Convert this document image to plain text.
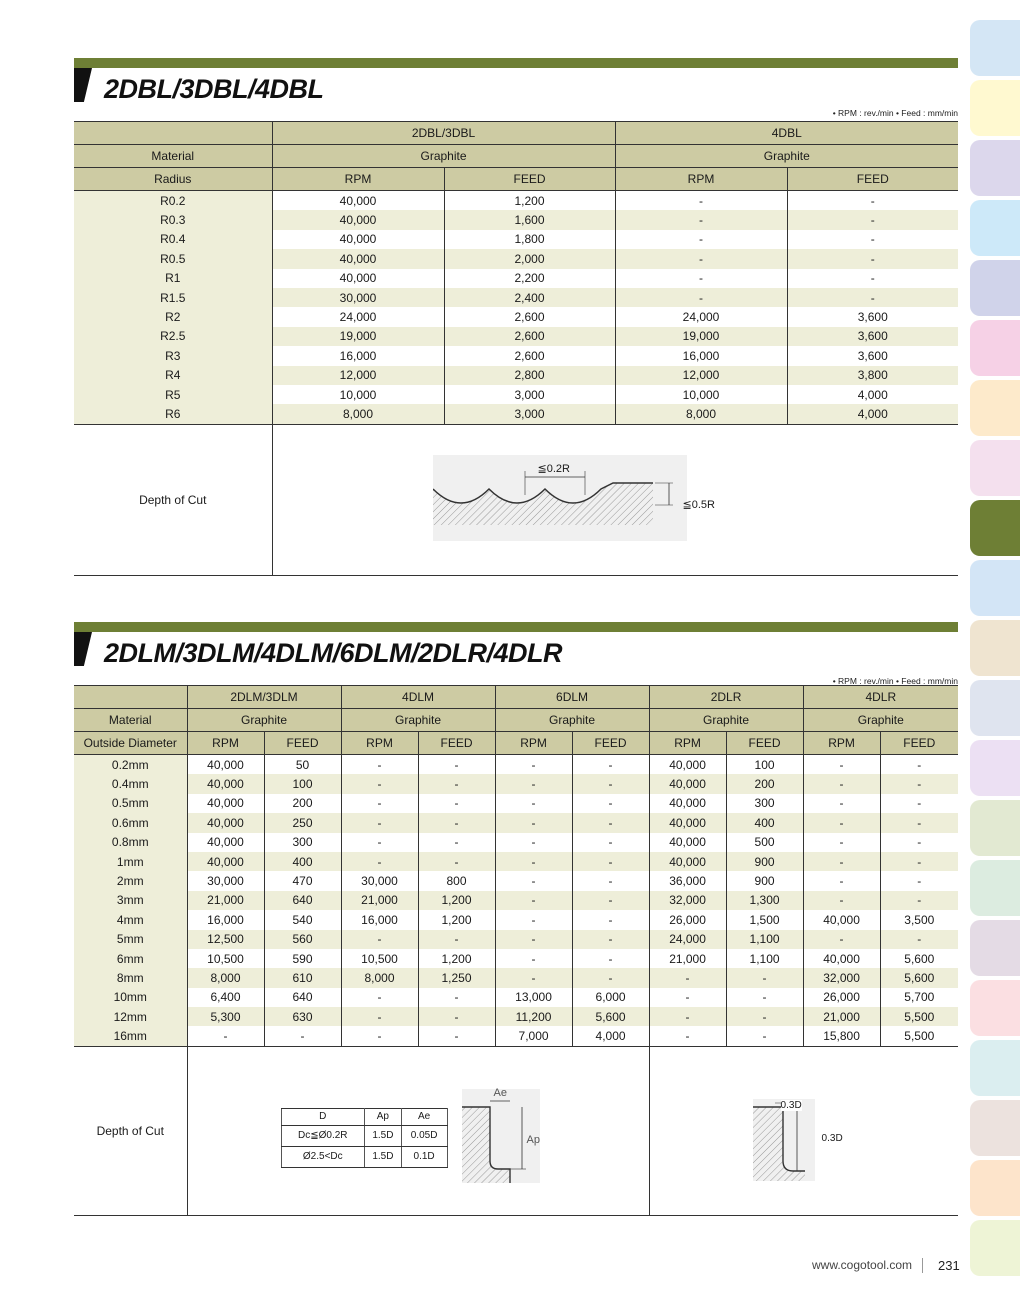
2DBL/3DBL/4DBL
• RPM : rev./min • Feed : mm/min
	2DBL/3DBL		4DBL	
Material	Graphite		Graphite	
Radius	RPM	FEED	RPM	FEED
R0.2	40,000	1,200	-	-
R0.3	40,000	1,600	-	-
R0.4	40,000	1,800	-	-
R0.5	40,000	2,000	-	-
R1	40,000	2,200	-	-
R1.5	30,000	2,400	-	-
R2	24,000	2,600	24,000	3,600
R2.5	19,000	2,600	19,000	3,600
R3	16,000	2,600	16,000	3,600
R4	12,000	2,800	12,000	3,800
R5	10,000	3,000	10,000	4,000
R6	8,000	3,000	8,000	4,000
Depth of Cut	≦0.2R
≦0.5R			
2DLM/3DLM/4DLM/6DLM/2DLR/4DLR
• RPM : rev./min • Feed : mm/min
	2DLM/3DLM	4DLM	6DLM	2DLR	4DLR
Material	Graphite	Graphite	Graphite	Graphite	Graphite
Outside Diameter	RPM	FEED	RPM	FEED	RPM	FEED	RPM	FEED	RPM	FEED
0.2mm	40,000	50	-	-	-	-	40,000	100	-	-
0.4mm	40,000	100	-	-	-	-	40,000	200	-	-
0.5mm	40,000	200	-	-	-	-	40,000	300	-	-
0.6mm	40,000	250	-	-	-	-	40,000	400	-	-
0.8mm	40,000	300	-	-	-	-	40,000	500	-	-
1mm	40,000	400	-	-	-	-	40,000	900	-	-
2mm	30,000	470	30,000	800	-	-	36,000	900	-	-
3mm	21,000	640	21,000	1,200	-	-	32,000	1,300	-	-
4mm	16,000	540	16,000	1,200	-	-	26,000	1,500	40,000	3,500
5mm	12,500	560	-	-	-	-	24,000	1,100	-	-
6mm	10,500	590	10,500	1,200	-	-	21,000	1,100	40,000	5,600
8mm	8,000	610	8,000	1,250	-	-	-	-	32,000	5,600
10mm	6,400	640	-	-	13,000	6,000	-	-	26,000	5,700
12mm	5,300	630	-	-	11,200	5,600	-	-	21,000	5,500
16mm	-	-	-	-	7,000	4,000	-	-	15,800	5,500
Depth of Cut	
D	Ap	Ae
Dc≦Ø0.2R	1.5D	0.05D
Ø2.5<Dc	1.5D	0.1D
Ae
Ap

0.3D
0.3D
www.cogotool.com 231
